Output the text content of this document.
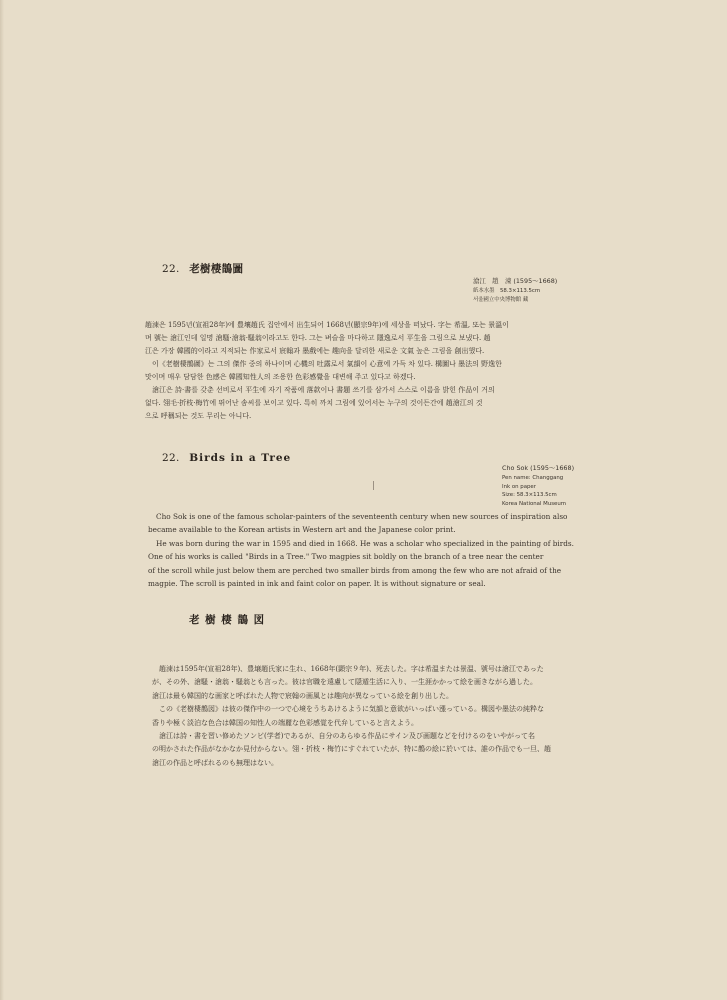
22. 老樹棲鵲圖
滄江　趙　涑 (1595～1668)
紙本水墨　58.3×113.5cm
서울國立中央博物館 藏
趙涑은 1595년(宣祖28年)에 豊壤趙氏 집안에서 出生되어 1668년(顯宗9年)에 세상을 떠났다. 字는 希溫, 또는 景溫이
며 號는 滄江인데 일명 滄騷·滄翁·騷翁이라고도 한다. 그는 벼슬을 마다하고 隱逸로서 平生을 그림으로 보냈다. 趙
江은 가장 韓國的이라고 지적되는 作家로서 宸翰과 墨戲에는 趣向을 달리한 새로운 文氣 높은 그림을 創出했다.
이《老樹棲鵲圖》는 그의 傑作 중의 하나이며 心機의 吐露로서 氣韻이 心意에 가득 차 있다. 構圖나 墨法의 野逸한
맛이며 매우 담담한 色感은 韓國知性人의 조용한 色彩感覺을 대변해 주고 있다고 하겠다.
滄江은 詩·書를 갖춘 선비로서 平生에 자기 작품에 落款이나 書題 쓰기를 삼가서 스스로 이름을 밝힌 作品이 거의
없다. 翎毛·折枝·梅竹에 뛰어난 솜씨를 보이고 있다. 특히 까치 그림에 있어서는 누구의 것이든간에 趙滄江의 것
으로 呼稱되는 것도 무리는 아니다.
22. Birds in a Tree
Cho Sok (1595～1668)
Pen name: Changgang
Ink on paper
Size: 58.3×113.5cm
Korea National Museum
Cho Sok is one of the famous scholar-painters of the seventeenth century when new sources of inspiration also
became available to the Korean artists in Western art and the Japanese color print.
He was born during the war in 1595 and died in 1668. He was a scholar who specialized in the painting of birds.
One of his works is called "Birds in a Tree." Two magpies sit boldly on the branch of a tree near the center
of the scroll while just below them are perched two smaller birds from among the few who are not afraid of the
magpie. The scroll is painted in ink and faint color on paper. It is without signature or seal.
老 樹 棲 鵲 図
趙涑は1595年(宣祖28年)、豊壌趙氏家に生れ、1668年(顕宗９年)、死去した。字は希温または景温、號号は滄江であった
が、その外、滄騷・滄翁・騷翁とも言った。彼は官職を遠慮して隠遁生活に入り、一生涯かかって絵を画きながら過した。
滄江は最も韓国的な画家と呼ばれた人物で宸翰の画風とは趣向が異なっている絵を創り出した。
この《老樹棲鵲図》は彼の傑作中の一つで心境をうちあけるように気韻と意欲がいっぱい漲っている。構図や墨法の純粋な
香りや極く淡泊な色合は韓国の知性人の端麗な色彩感覚を代弁していると言えよう。
滄江は詩・書を習い修めたソンビ(学者)であるが、自分のあらゆる作品にサイン及び画題などを付けるのをいやがって名
の明かされた作品がなかなか見付からない。翎・折枝・梅竹にすぐれていたが、特に鵲の絵に於いては、誰の作品でも一旦、趙
滄江の作品と呼ばれるのも無理はない。
